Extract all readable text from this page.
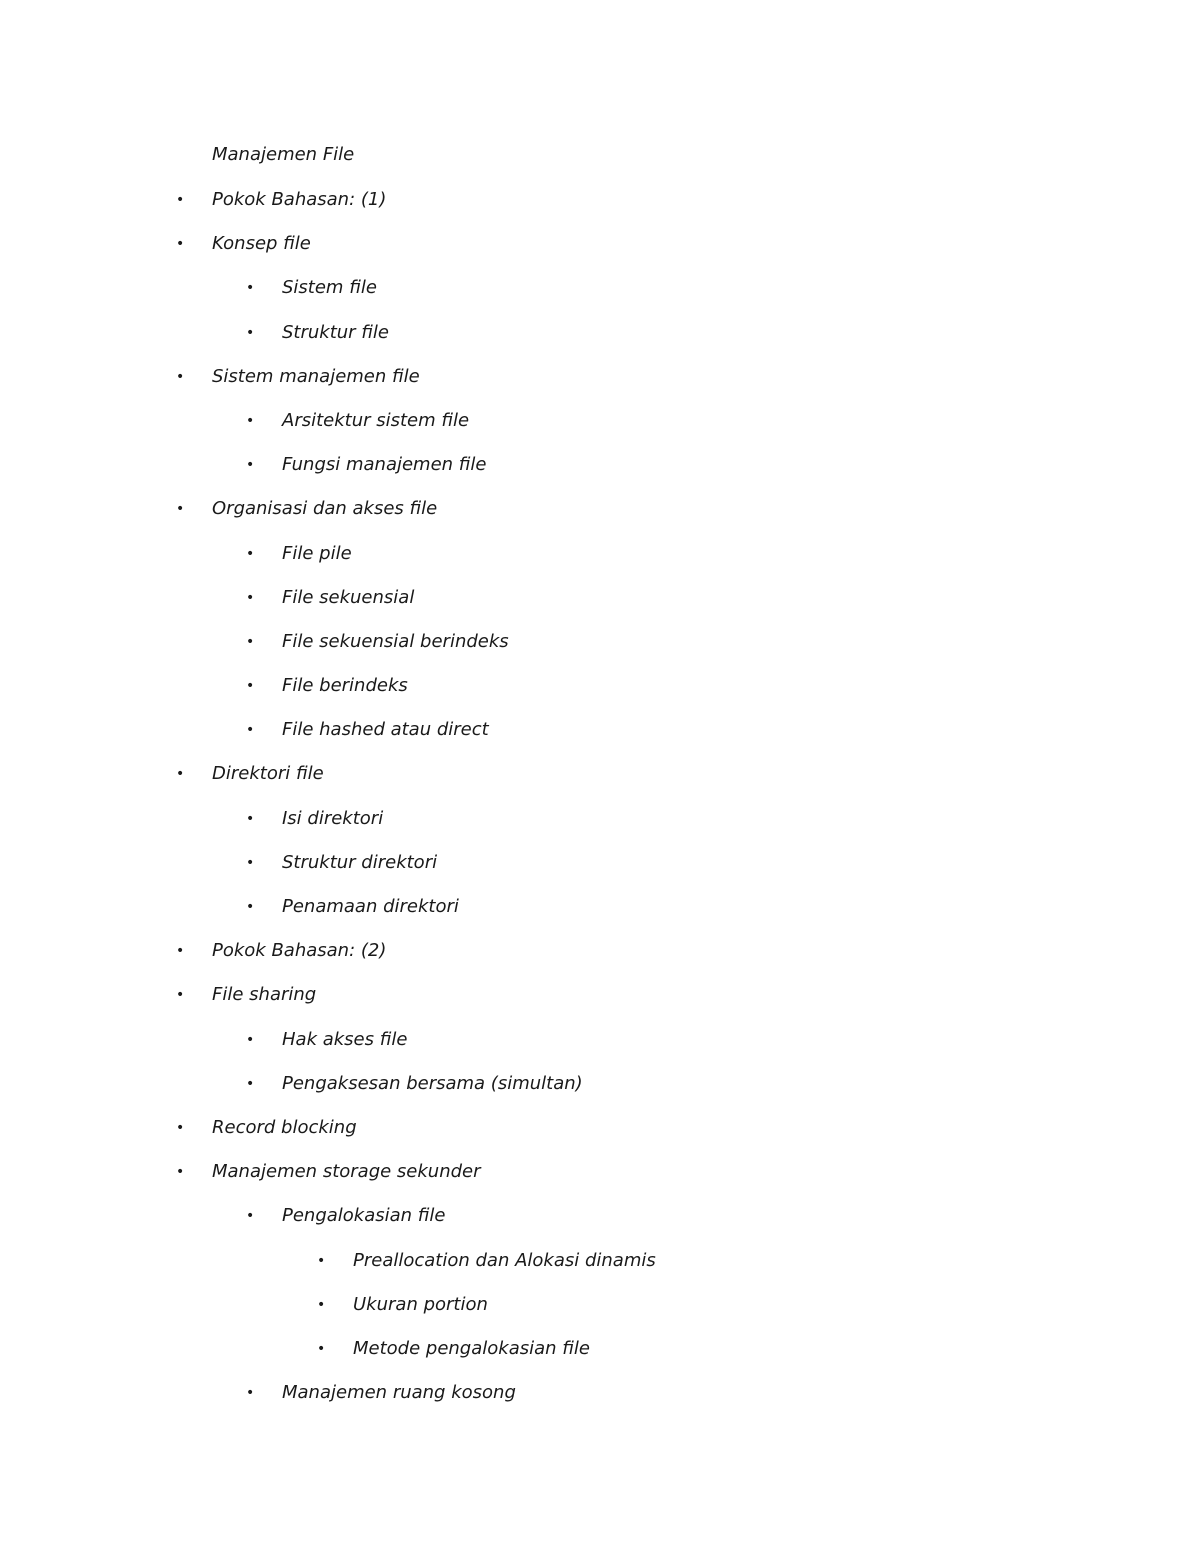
Manajemen File
• Pokok Bahasan: (1)
• Konsep file
• Sistem file
• Struktur file
• Sistem manajemen file
• Arsitektur sistem file
• Fungsi manajemen file
• Organisasi dan akses file
• File pile
• File sekuensial
• File sekuensial berindeks
• File berindeks
• File hashed atau direct
• Direktori file
• Isi direktori
• Struktur direktori
• Penamaan direktori
• Pokok Bahasan: (2)
• File sharing
• Hak akses file
• Pengaksesan bersama (simultan)
• Record blocking
• Manajemen storage sekunder
• Pengalokasian file
• Preallocation dan Alokasi dinamis
• Ukuran portion
• Metode pengalokasian file
• Manajemen ruang kosong
